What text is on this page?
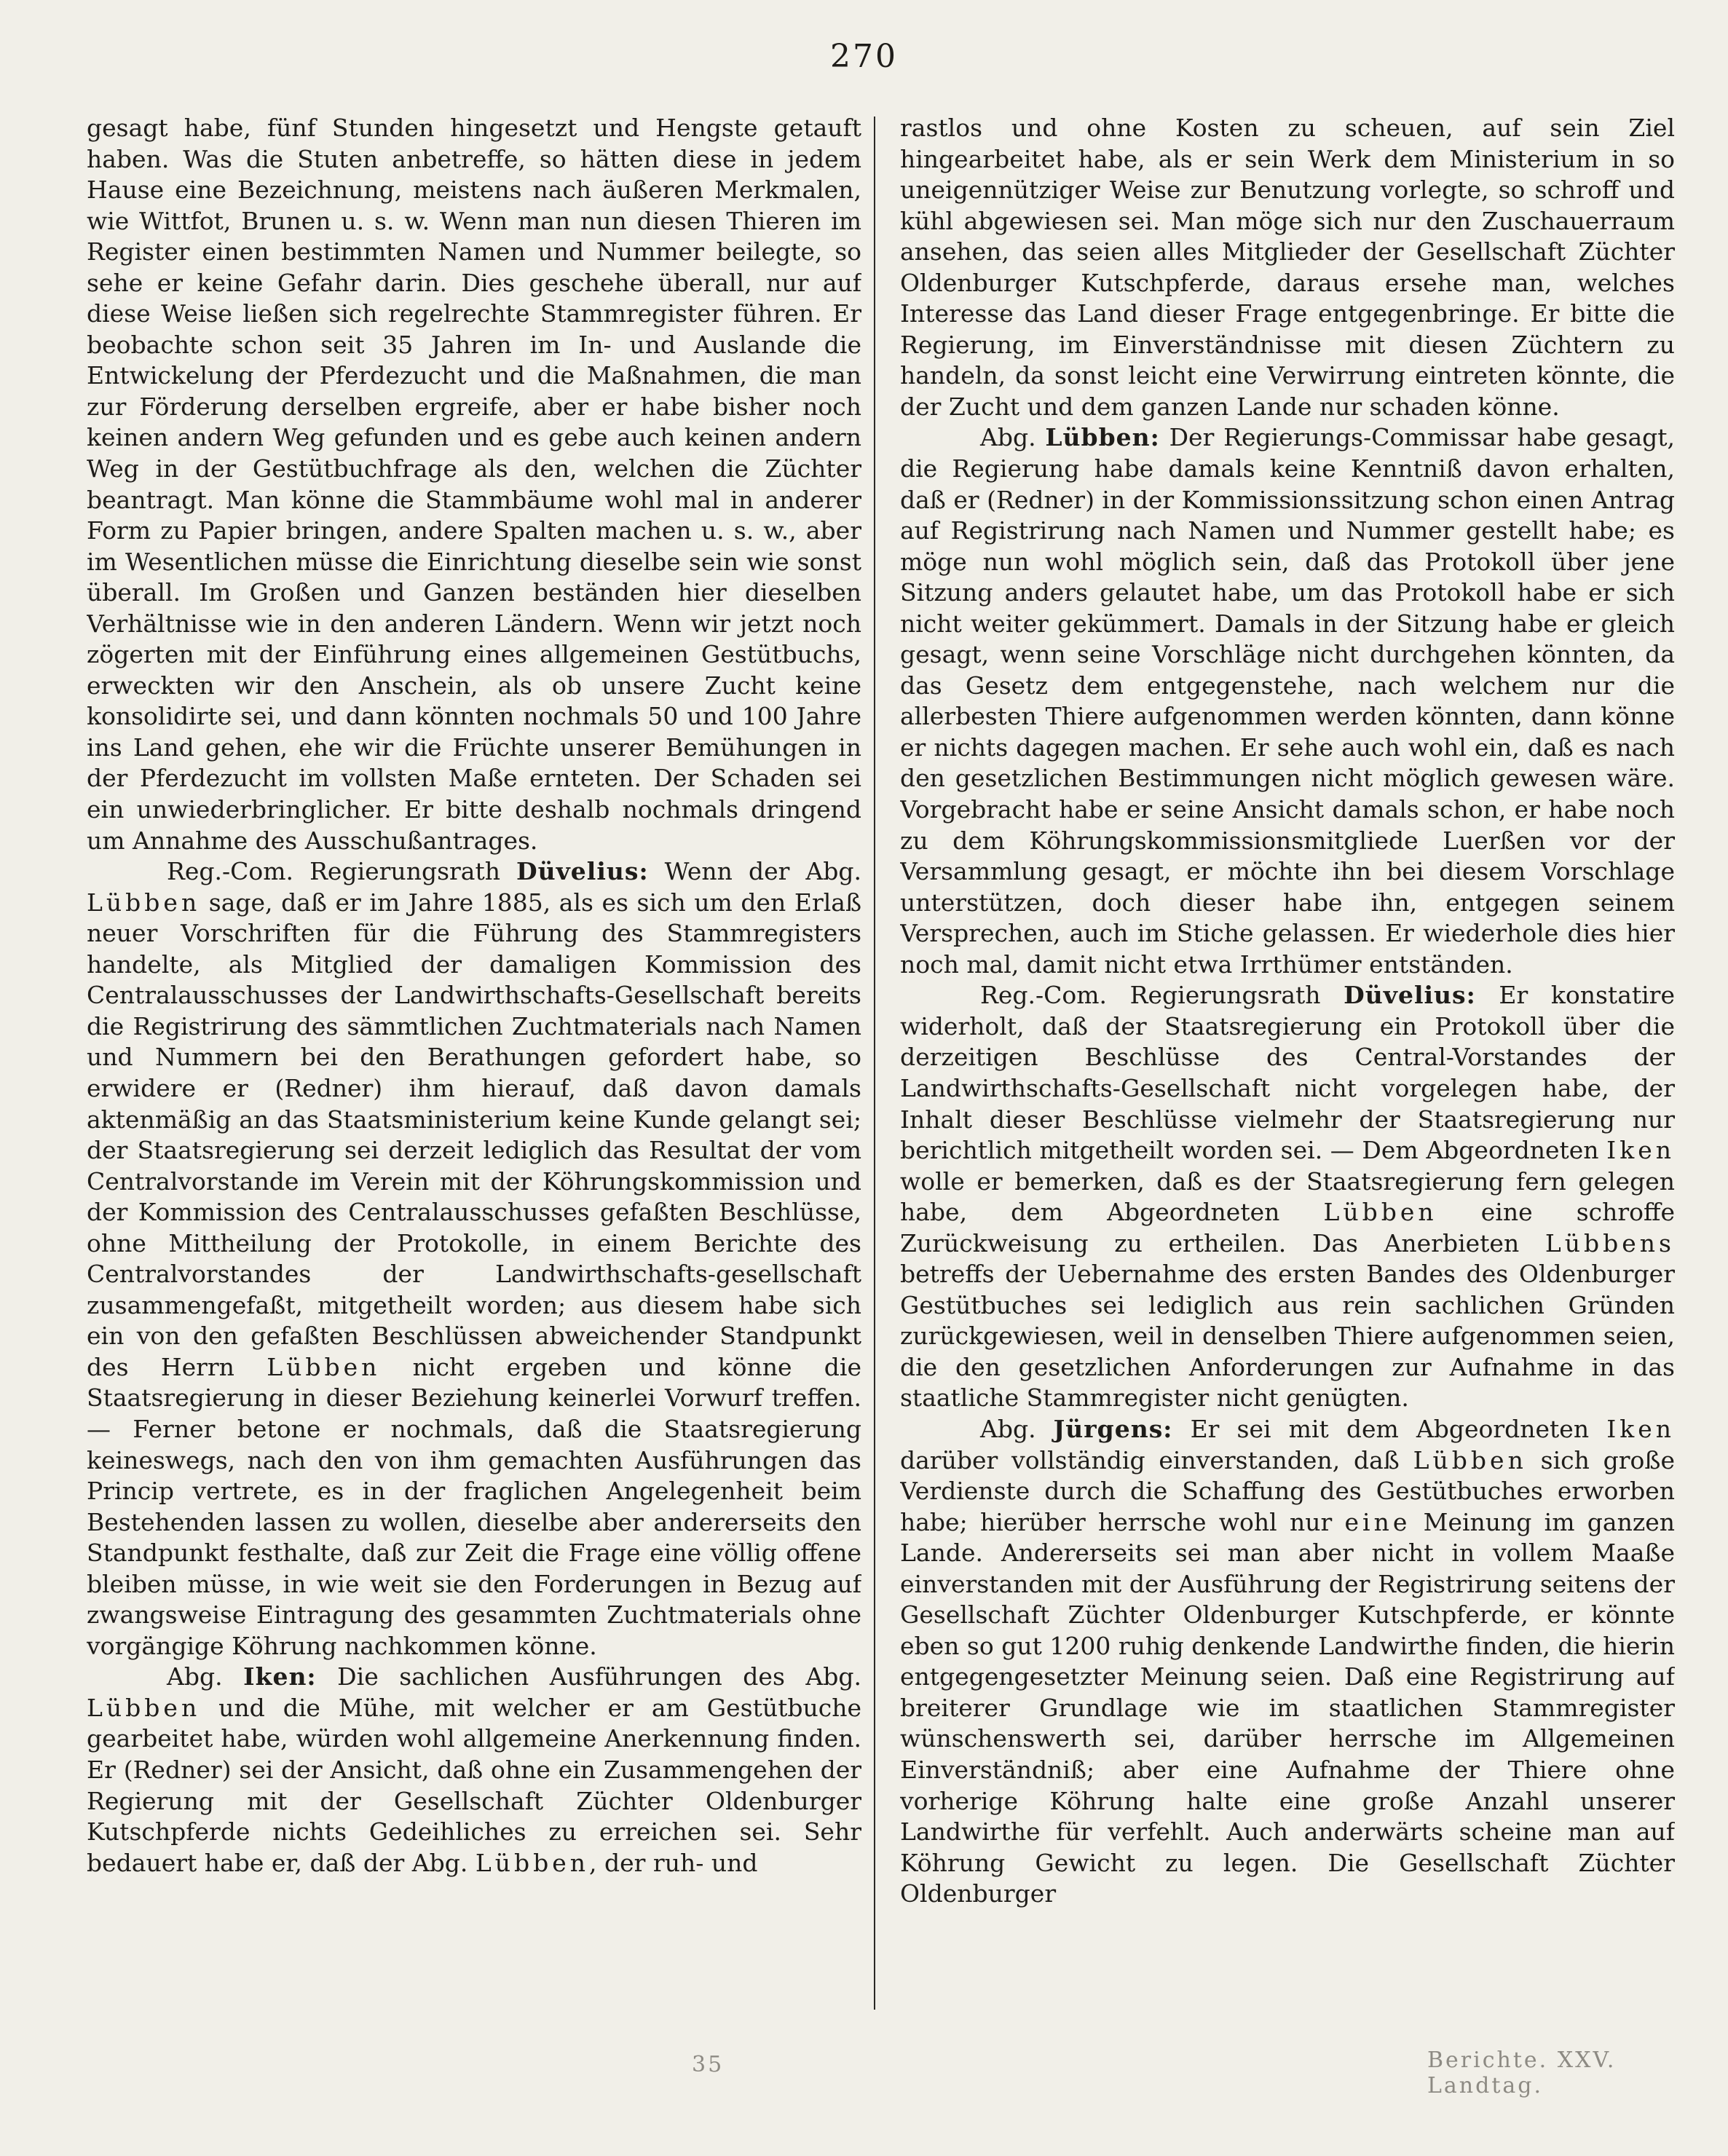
270

gesagt habe, fünf Stunden hingesetzt und Hengste getauft haben. Was die Stuten anbetreffe, so hätten diese in jedem Hause eine Bezeichnung, meistens nach äußeren Merkmalen, wie Wittfot, Brunen u. s. w. Wenn man nun diesen Thieren im Register einen bestimmten Namen und Nummer beilegte, so sehe er keine Gefahr darin. Dies geschehe überall, nur auf diese Weise ließen sich regelrechte Stammregister führen. Er beobachte schon seit 35 Jahren im In- und Auslande die Entwickelung der Pferdezucht und die Maßnahmen, die man zur Förderung derselben ergreife, aber er habe bisher noch keinen andern Weg gefunden und es gebe auch keinen andern Weg in der Gestütbuchfrage als den, welchen die Züchter beantragt. Man könne die Stammbäume wohl mal in anderer Form zu Papier bringen, andere Spalten machen u. s. w., aber im Wesentlichen müsse die Einrichtung dieselbe sein wie sonst überall. Im Großen und Ganzen beständen hier dieselben Verhältnisse wie in den anderen Ländern. Wenn wir jetzt noch zögerten mit der Einführung eines allgemeinen Gestütbuchs, erweckten wir den Anschein, als ob unsere Zucht keine konsolidirte sei, und dann könnten nochmals 50 und 100 Jahre ins Land gehen, ehe wir die Früchte unserer Bemühungen in der Pferdezucht im vollsten Maße ernteten. Der Schaden sei ein unwiederbringlicher. Er bitte deshalb nochmals dringend um Annahme des Ausschußantrages.

Reg.-Com. Regierungsrath Düvelius: Wenn der Abg. Lübben sage, daß er im Jahre 1885, als es sich um den Erlaß neuer Vorschriften für die Führung des Stammregisters handelte, als Mitglied der damaligen Kommission des Centralausschusses der Landwirthschafts-Gesellschaft bereits die Registrirung des sämmtlichen Zuchtmaterials nach Namen und Nummern bei den Berathungen gefordert habe, so erwidere er (Redner) ihm hierauf, daß davon damals aktenmäßig an das Staatsministerium keine Kunde gelangt sei; der Staatsregierung sei derzeit lediglich das Resultat der vom Centralvorstande im Verein mit der Köhrungskommission und der Kommission des Centralausschusses gefaßten Beschlüsse, ohne Mittheilung der Protokolle, in einem Berichte des Centralvorstandes der Landwirthschafts-gesellschaft zusammengefaßt, mitgetheilt worden; aus diesem habe sich ein von den gefaßten Beschlüssen abweichender Standpunkt des Herrn Lübben nicht ergeben und könne die Staatsregierung in dieser Beziehung keinerlei Vorwurf treffen. — Ferner betone er nochmals, daß die Staatsregierung keineswegs, nach den von ihm gemachten Ausführungen das Princip vertrete, es in der fraglichen Angelegenheit beim Bestehenden lassen zu wollen, dieselbe aber andererseits den Standpunkt festhalte, daß zur Zeit die Frage eine völlig offene bleiben müsse, in wie weit sie den Forderungen in Bezug auf zwangsweise Eintragung des gesammten Zuchtmaterials ohne vorgängige Köhrung nachkommen könne.

Abg. Iken: Die sachlichen Ausführungen des Abg. Lübben und die Mühe, mit welcher er am Gestütbuche gearbeitet habe, würden wohl allgemeine Anerkennung finden. Er (Redner) sei der Ansicht, daß ohne ein Zusammengehen der Regierung mit der Gesellschaft Züchter Oldenburger Kutschpferde nichts Gedeihliches zu erreichen sei. Sehr bedauert habe er, daß der Abg. Lübben, der ruh- und

rastlos und ohne Kosten zu scheuen, auf sein Ziel hingearbeitet habe, als er sein Werk dem Ministerium in so uneigennütziger Weise zur Benutzung vorlegte, so schroff und kühl abgewiesen sei. Man möge sich nur den Zuschauerraum ansehen, das seien alles Mitglieder der Gesellschaft Züchter Oldenburger Kutschpferde, daraus ersehe man, welches Interesse das Land dieser Frage entgegenbringe. Er bitte die Regierung, im Einverständnisse mit diesen Züchtern zu handeln, da sonst leicht eine Verwirrung eintreten könnte, die der Zucht und dem ganzen Lande nur schaden könne.

Abg. Lübben: Der Regierungs-Commissar habe gesagt, die Regierung habe damals keine Kenntniß davon erhalten, daß er (Redner) in der Kommissionssitzung schon einen Antrag auf Registrirung nach Namen und Nummer gestellt habe; es möge nun wohl möglich sein, daß das Protokoll über jene Sitzung anders gelautet habe, um das Protokoll habe er sich nicht weiter gekümmert. Damals in der Sitzung habe er gleich gesagt, wenn seine Vorschläge nicht durchgehen könnten, da das Gesetz dem entgegenstehe, nach welchem nur die allerbesten Thiere aufgenommen werden könnten, dann könne er nichts dagegen machen. Er sehe auch wohl ein, daß es nach den gesetzlichen Bestimmungen nicht möglich gewesen wäre. Vorgebracht habe er seine Ansicht damals schon, er habe noch zu dem Köhrungskommissionsmitgliede Luerßen vor der Versammlung gesagt, er möchte ihn bei diesem Vorschlage unterstützen, doch dieser habe ihn, entgegen seinem Versprechen, auch im Stiche gelassen. Er wiederhole dies hier noch mal, damit nicht etwa Irrthümer entständen.

Reg.-Com. Regierungsrath Düvelius: Er konstatire widerholt, daß der Staatsregierung ein Protokoll über die derzeitigen Beschlüsse des Central-Vorstandes der Landwirthschafts-Gesellschaft nicht vorgelegen habe, der Inhalt dieser Beschlüsse vielmehr der Staatsregierung nur berichtlich mitgetheilt worden sei. — Dem Abgeordneten Iken wolle er bemerken, daß es der Staatsregierung fern gelegen habe, dem Abgeordneten Lübben eine schroffe Zurückweisung zu ertheilen. Das Anerbieten Lübbens betreffs der Uebernahme des ersten Bandes des Oldenburger Gestütbuches sei lediglich aus rein sachlichen Gründen zurückgewiesen, weil in denselben Thiere aufgenommen seien, die den gesetzlichen Anforderungen zur Aufnahme in das staatliche Stammregister nicht genügten.

Abg. Jürgens: Er sei mit dem Abgeordneten Iken darüber vollständig einverstanden, daß Lübben sich große Verdienste durch die Schaffung des Gestütbuches erworben habe; hierüber herrsche wohl nur eine Meinung im ganzen Lande. Andererseits sei man aber nicht in vollem Maaße einverstanden mit der Ausführung der Registrirung seitens der Gesellschaft Züchter Oldenburger Kutschpferde, er könnte eben so gut 1200 ruhig denkende Landwirthe finden, die hierin entgegengesetzter Meinung seien. Daß eine Registrirung auf breiterer Grundlage wie im staatlichen Stammregister wünschenswerth sei, darüber herrsche im Allgemeinen Einverständniß; aber eine Aufnahme der Thiere ohne vorherige Köhrung halte eine große Anzahl unserer Landwirthe für verfehlt. Auch anderwärts scheine man auf Köhrung Gewicht zu legen. Die Gesellschaft Züchter Oldenburger

35	Berichte. XXV. Landtag.
